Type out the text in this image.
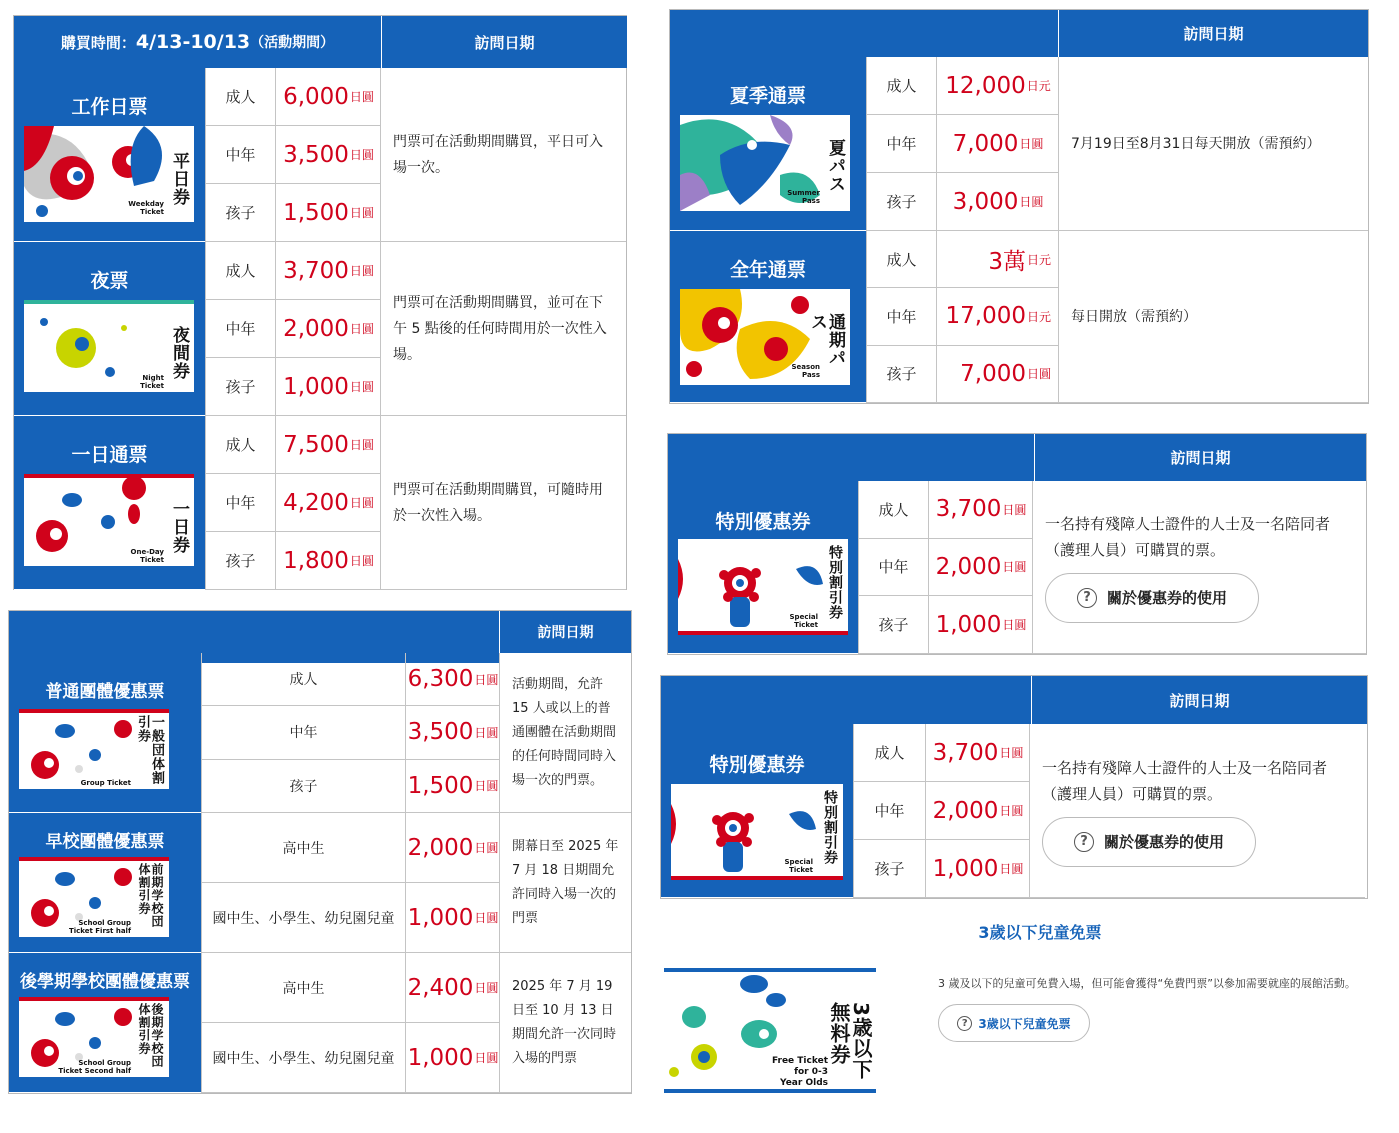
購買時間： 4/13-10/13 （活動期間）	訪問日期
工作日票
平日券
Weekday
Ticket
成人	6,000 日圓
中年	3,500 日圓
孩子	1,500 日圓
門票可在活動期間購買，平日可入場一次。
夜票
夜間券
Night
Ticket
成人	3,700 日圓
中年	2,000 日圓
孩子	1,000 日圓
門票可在活動期間購買，並可在下午 5 點後的任何時間用於一次性入場。
一日通票
一日券
One-Day
Ticket
成人	7,500 日圓
中年	4,200 日圓
孩子	1,800 日圓
門票可在活動期間購買，可隨時用於一次性入場。
訪問日期
普通團體優惠票
一般団体割引券
Group Ticket
成人	6,300 日圓
中年	3,500 日圓
孩子	1,500 日圓
活動期間，允許 15 人或以上的普通團體在活動期間的任何時間同時入場一次的門票。
早校團體優惠票
前期学校団体割引券
School Group
Ticket First half
高中生	2,000 日圓
國中生、小學生、幼兒園兒童 1,000 日圓
開幕日至 2025 年 7 月 18 日期間允許同時入場一次的門票
後學期學校團體優惠票
後期学校団体割引券
School Group
Ticket Second half
高中生	2,400 日圓
國中生、小學生、幼兒園兒童 1,000 日圓
2025 年 7 月 19 日至 10 月 13 日期間允許一次同時入場的門票
訪問日期
夏季通票
夏パス
Summer
Pass
成人	12,000 日元
中年	7,000 日圓
孩子	3,000 日圓
7月19日至8月31日每天開放（需預約）
全年通票
通期パス
Season
Pass
成人	3萬 日元
中年	17,000 日元
孩子	7,000 日圓
每日開放（需預約）
訪問日期
特別優惠券
特別割引券
Special
Ticket
成人	3,700 日圓
中年	2,000 日圓
孩子	1,000 日圓
一名持有殘障人士證件的人士及一名陪同者（護理人員）可購買的票。
?	關於優惠券的使用
訪問日期
特別優惠券
特別割引券
Special
Ticket
成人	3,700 日圓
中年	2,000 日圓
孩子	1,000 日圓
一名持有殘障人士證件的人士及一名陪同者（護理人員）可購買的票。
?	關於優惠券的使用
3歲以下兒童免票
3歳以下無料券
Free Ticket
for 0-3
Year Olds
3 歲及以下的兒童可免費入場，但可能會獲得“免費門票”以參加需要就座的展館活動。
? 3歲以下兒童免票
